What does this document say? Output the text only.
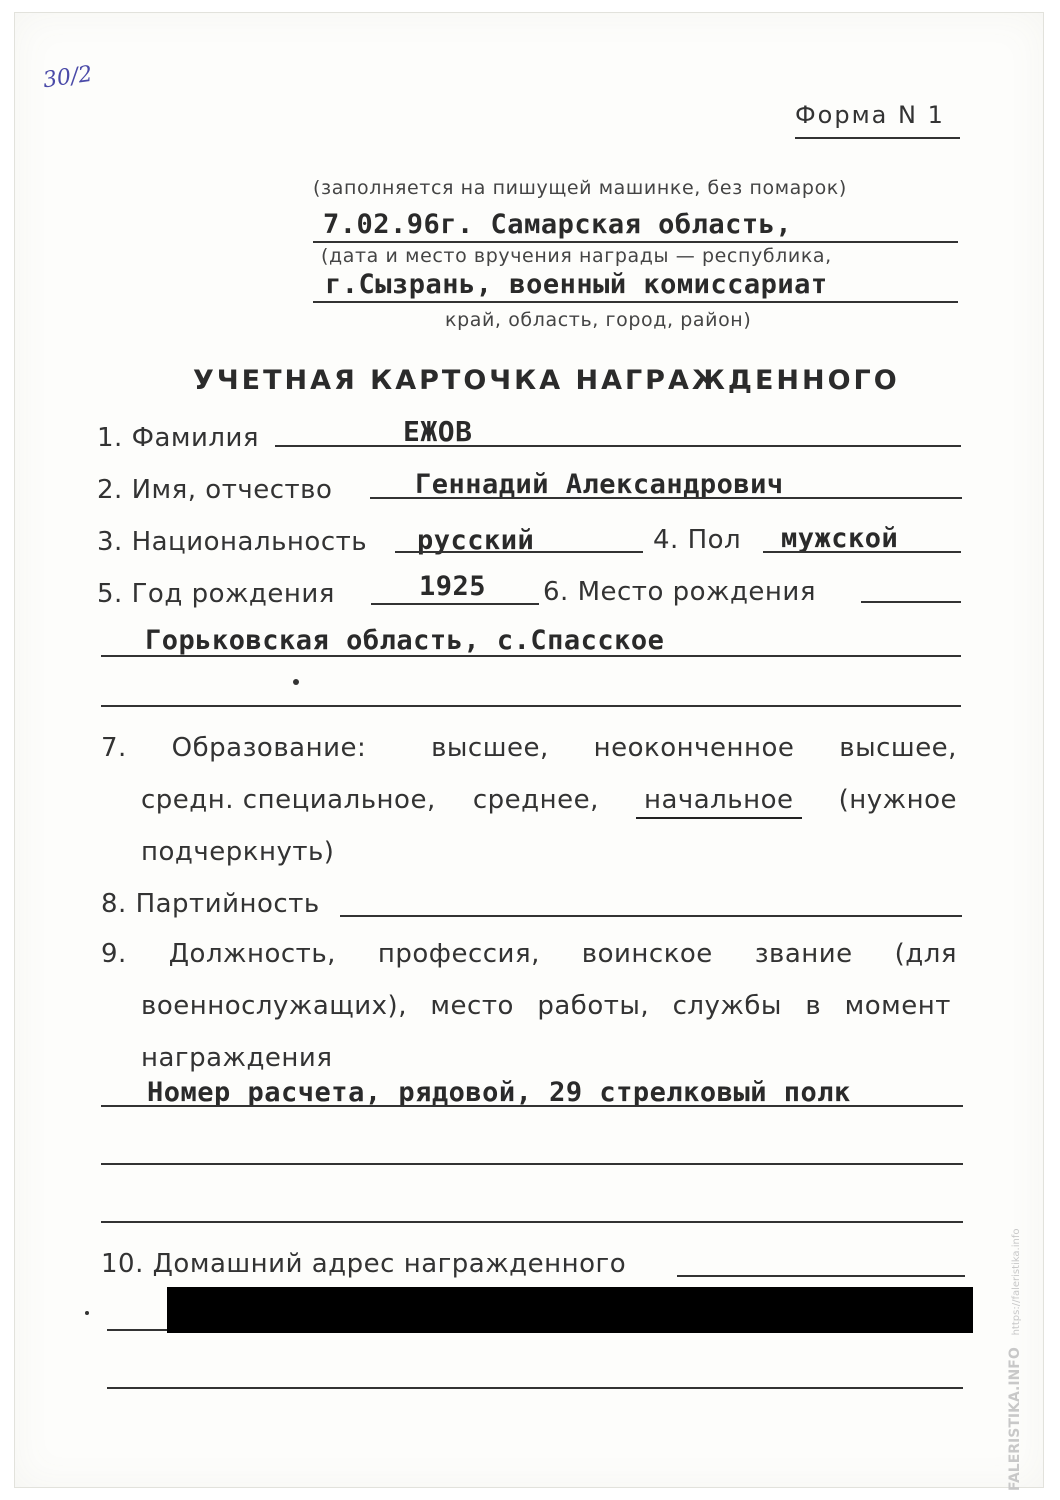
30/2
Форма N 1
(заполняется на пишущей машинке, без помарок)
7.02.96г. Самарская область,
(дата и место вручения награды — республика,
г.Сызрань, военный комиссариат
край, область, город, район)
УЧЕТНАЯ КАРТОЧКА НАГРАЖДЕННОГО
1. Фамилия	ЕЖОВ
2. Имя, отчество	Геннадий Александрович
3. Национальность русский	4. Пол мужской
5. Год рождения	1925 6. Место рождения
Горьковская область, с.Спасское
7. Образование: высшее, неоконченное высшее,
средн. специальное, среднее,	начальное	(нужное
подчеркнуть)
8. Партийность
9. Должность, профессия, воинское звание (для
военнослужащих), место работы, службы в момент
награждения
Номер расчета, рядовой, 29 стрелковый полк
10. Домашний адрес награжденного
FALERISTIKA.INFO https://faleristika.info
